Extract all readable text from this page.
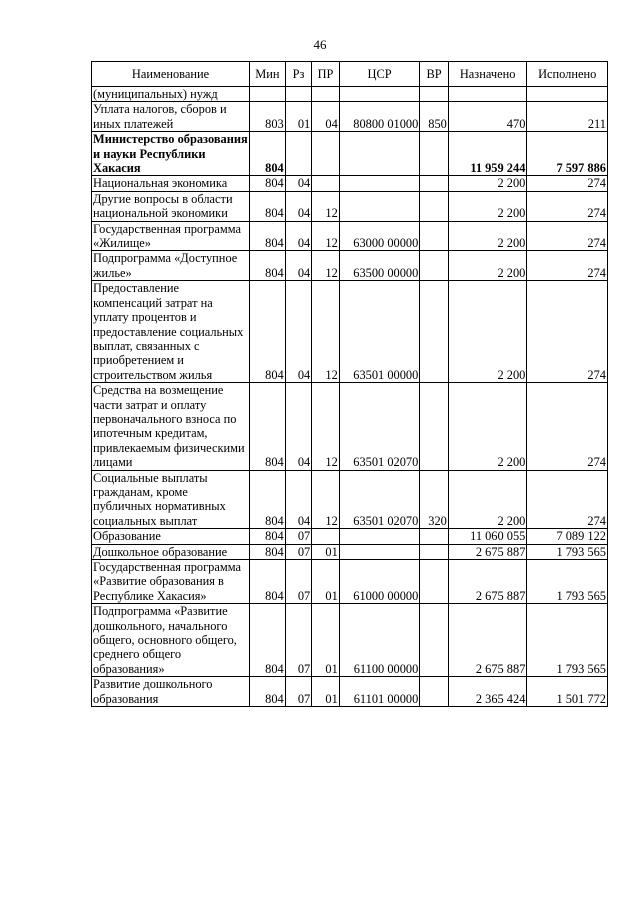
46
Наименование	Мин	Рз	ПР	ЦСР	ВР	Назначено	Исполнено
(муниципальных) нужд							
Уплата налогов, сборов и иных платежей	803	01	04	80800 01000	850	470	211
Министерство образования и науки Республики Хакасия	804					11 959 244	7 597 886
Национальная экономика	804	04				2 200	274
Другие вопросы в области национальной экономики	804	04	12			2 200	274
Государственная программа «Жилище»	804	04	12	63000 00000		2 200	274
Подпрограмма «Доступное жилье»	804	04	12	63500 00000		2 200	274
Предоставление компенсаций затрат на уплату процентов и предоставление социальных выплат, связанных с приобретением и строительством жилья	804	04	12	63501 00000		2 200	274
Средства на возмещение части затрат и оплату первоначального взноса по ипотечным кредитам, привлекаемым физическими лицами	804	04	12	63501 02070		2 200	274
Социальные выплаты гражданам, кроме публичных нормативных социальных выплат	804	04	12	63501 02070	320	2 200	274
Образование	804	07				11 060 055	7 089 122
Дошкольное образование	804	07	01			2 675 887	1 793 565
Государственная программа «Развитие образования в Республике Хакасия»	804	07	01	61000 00000		2 675 887	1 793 565
Подпрограмма «Развитие дошкольного, начального общего, основного общего, среднего общего образования»	804	07	01	61100 00000		2 675 887	1 793 565
Развитие дошкольного образования	804	07	01	61101 00000		2 365 424	1 501 772
